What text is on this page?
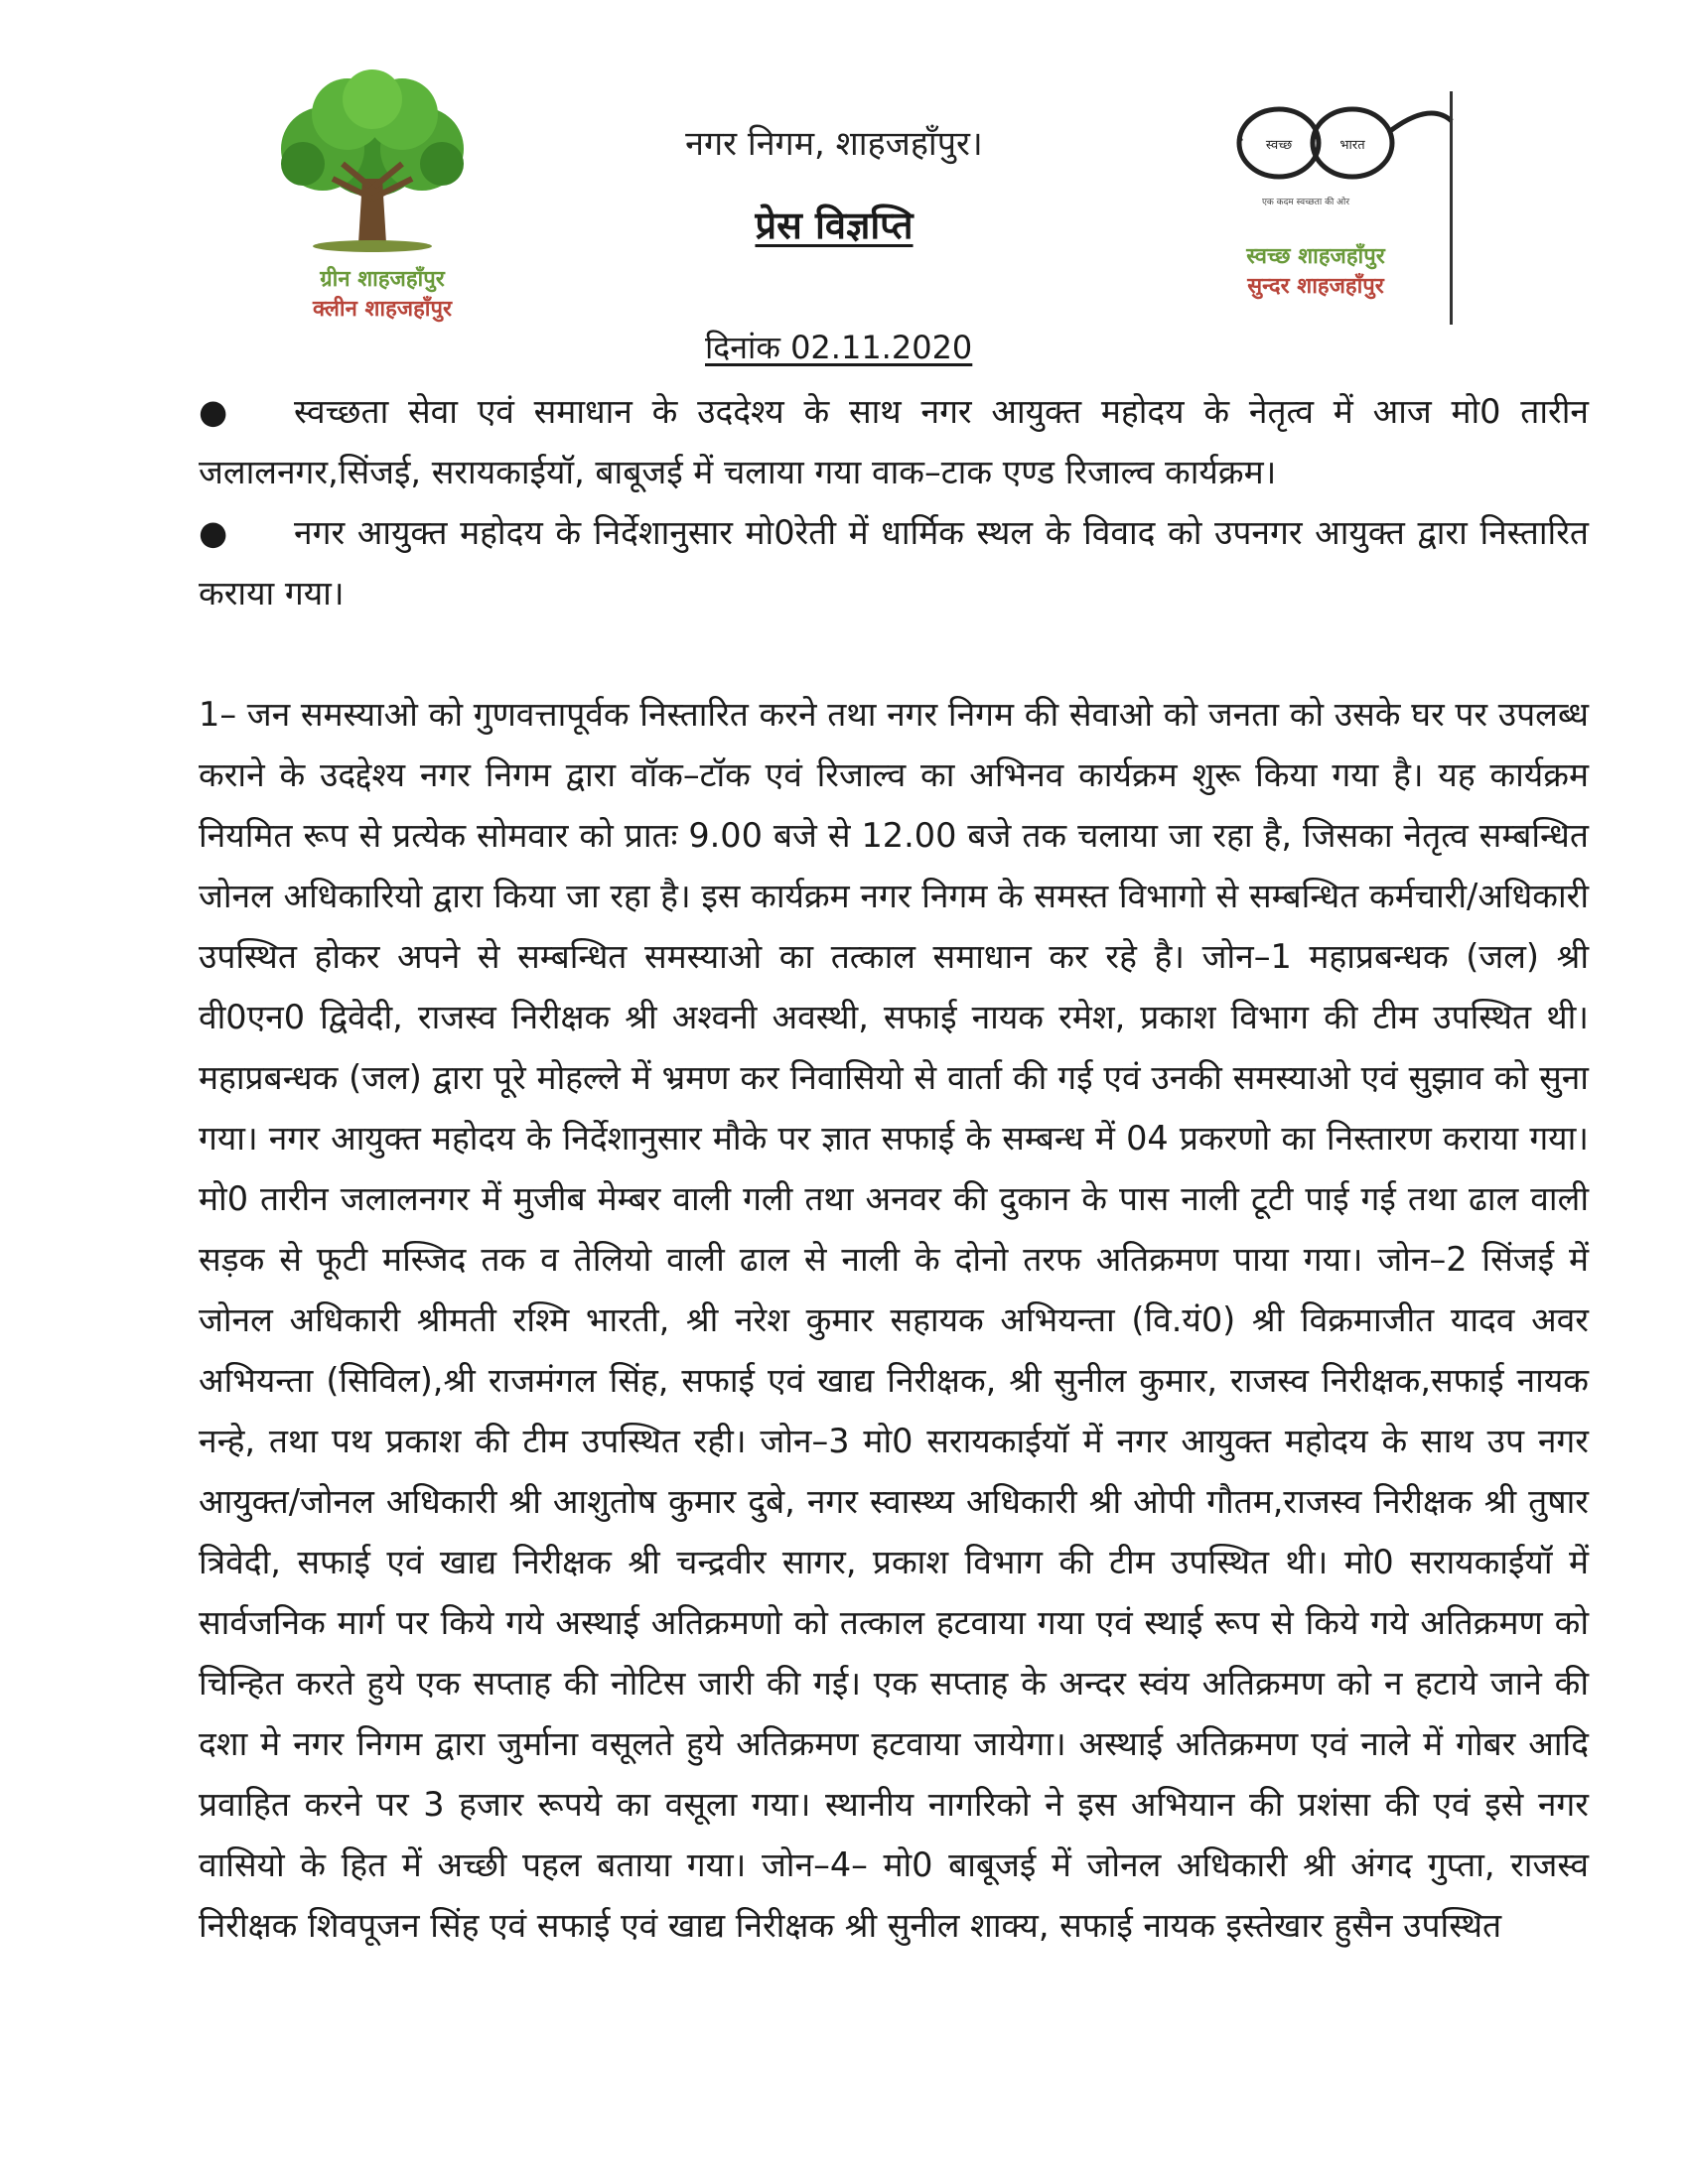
ग्रीन शाहजहाँपुर
क्लीन शाहजहाँपुर
नगर निगम, शाहजहाँपुर।
प्रेस विज्ञप्ति
स्वच्छ	भारत
एक कदम स्वच्छता की ओर
स्वच्छ शाहजहाँपुर
सुन्दर शाहजहाँपुर
दिनांक 02.11.2020

● स्वच्छता सेवा एवं समाधान के उददेश्य के साथ नगर आयुक्त महोदय के नेतृत्व में आज मो0 तारीन जलालनगर,सिंजई, सरायकाईयॉ, बाबूजई में चलाया गया वाक–टाक एण्ड रिजाल्व कार्यक्रम।

● नगर आयुक्त महोदय के निर्देशानुसार मो0रेती में धार्मिक स्थल के विवाद को उपनगर आयुक्त द्वारा निस्तारित कराया गया।

1– जन समस्याओ को गुणवत्तापूर्वक निस्तारित करने तथा नगर निगम की सेवाओ को जनता को उसके घर पर उपलब्ध कराने के उदद्देश्य नगर निगम द्वारा वॉक–टॉक एवं रिजाल्व का अभिनव कार्यक्रम शुरू किया गया है। यह कार्यक्रम नियमित रूप से प्रत्येक सोमवार को प्रातः 9.00 बजे से 12.00 बजे तक चलाया जा रहा है, जिसका नेतृत्व सम्बन्धित जोनल अधिकारियो द्वारा किया जा रहा है। इस कार्यक्रम नगर निगम के समस्त विभागो से सम्बन्धित कर्मचारी/अधिकारी उपस्थित होकर अपने से सम्बन्धित समस्याओ का तत्काल समाधान कर रहे है। जोन–1 महाप्रबन्धक (जल) श्री वी0एन0 द्विवेदी, राजस्व निरीक्षक श्री अश्वनी अवस्थी, सफाई नायक रमेश, प्रकाश विभाग की टीम उपस्थित थी। महाप्रबन्धक (जल) द्वारा पूरे मोहल्ले में भ्रमण कर निवासियो से वार्ता की गई एवं उनकी समस्याओ एवं सुझाव को सुना गया। नगर आयुक्त महोदय के निर्देशानुसार मौके पर ज्ञात सफाई के सम्बन्ध में 04 प्रकरणो का निस्तारण कराया गया। मो0 तारीन जलालनगर में मुजीब मेम्बर वाली गली तथा अनवर की दुकान के पास नाली टूटी पाई गई तथा ढाल वाली सड़क से फूटी मस्जिद तक व तेलियो वाली ढाल से नाली के दोनो तरफ अतिक्रमण पाया गया। जोन–2 सिंजई में जोनल अधिकारी श्रीमती रश्मि भारती, श्री नरेश कुमार सहायक अभियन्ता (वि.यं0) श्री विक्रमाजीत यादव अवर अभियन्ता (सिविल),श्री राजमंगल सिंह, सफाई एवं खाद्य निरीक्षक, श्री सुनील कुमार, राजस्व निरीक्षक,सफाई नायक नन्हे, तथा पथ प्रकाश की टीम उपस्थित रही। जोन–3 मो0 सरायकाईयॉ में नगर आयुक्त महोदय के साथ उप नगर आयुक्त/जोनल अधिकारी श्री आशुतोष कुमार दुबे, नगर स्वास्थ्य अधिकारी श्री ओपी गौतम,राजस्व निरीक्षक श्री तुषार त्रिवेदी, सफाई एवं खाद्य निरीक्षक श्री चन्द्रवीर सागर, प्रकाश विभाग की टीम उपस्थित थी। मो0 सरायकाईयॉ में सार्वजनिक मार्ग पर किये गये अस्थाई अतिक्रमणो को तत्काल हटवाया गया एवं स्थाई रूप से किये गये अतिक्रमण को चिन्हित करते हुये एक सप्ताह की नोटिस जारी की गई। एक सप्ताह के अन्दर स्वंय अतिक्रमण को न हटाये जाने की दशा मे नगर निगम द्वारा जुर्माना वसूलते हुये अतिक्रमण हटवाया जायेगा। अस्थाई अतिक्रमण एवं नाले में गोबर आदि प्रवाहित करने पर 3 हजार रूपये का वसूला गया। स्थानीय नागरिको ने इस अभियान की प्रशंसा की एवं इसे नगर वासियो के हित में अच्छी पहल बताया गया। जोन–4– मो0 बाबूजई में जोनल अधिकारी श्री अंगद गुप्ता, राजस्व निरीक्षक शिवपूजन सिंह एवं सफाई एवं खाद्य निरीक्षक श्री सुनील शाक्य, सफाई नायक इस्तेखार हुसैन उपस्थित
